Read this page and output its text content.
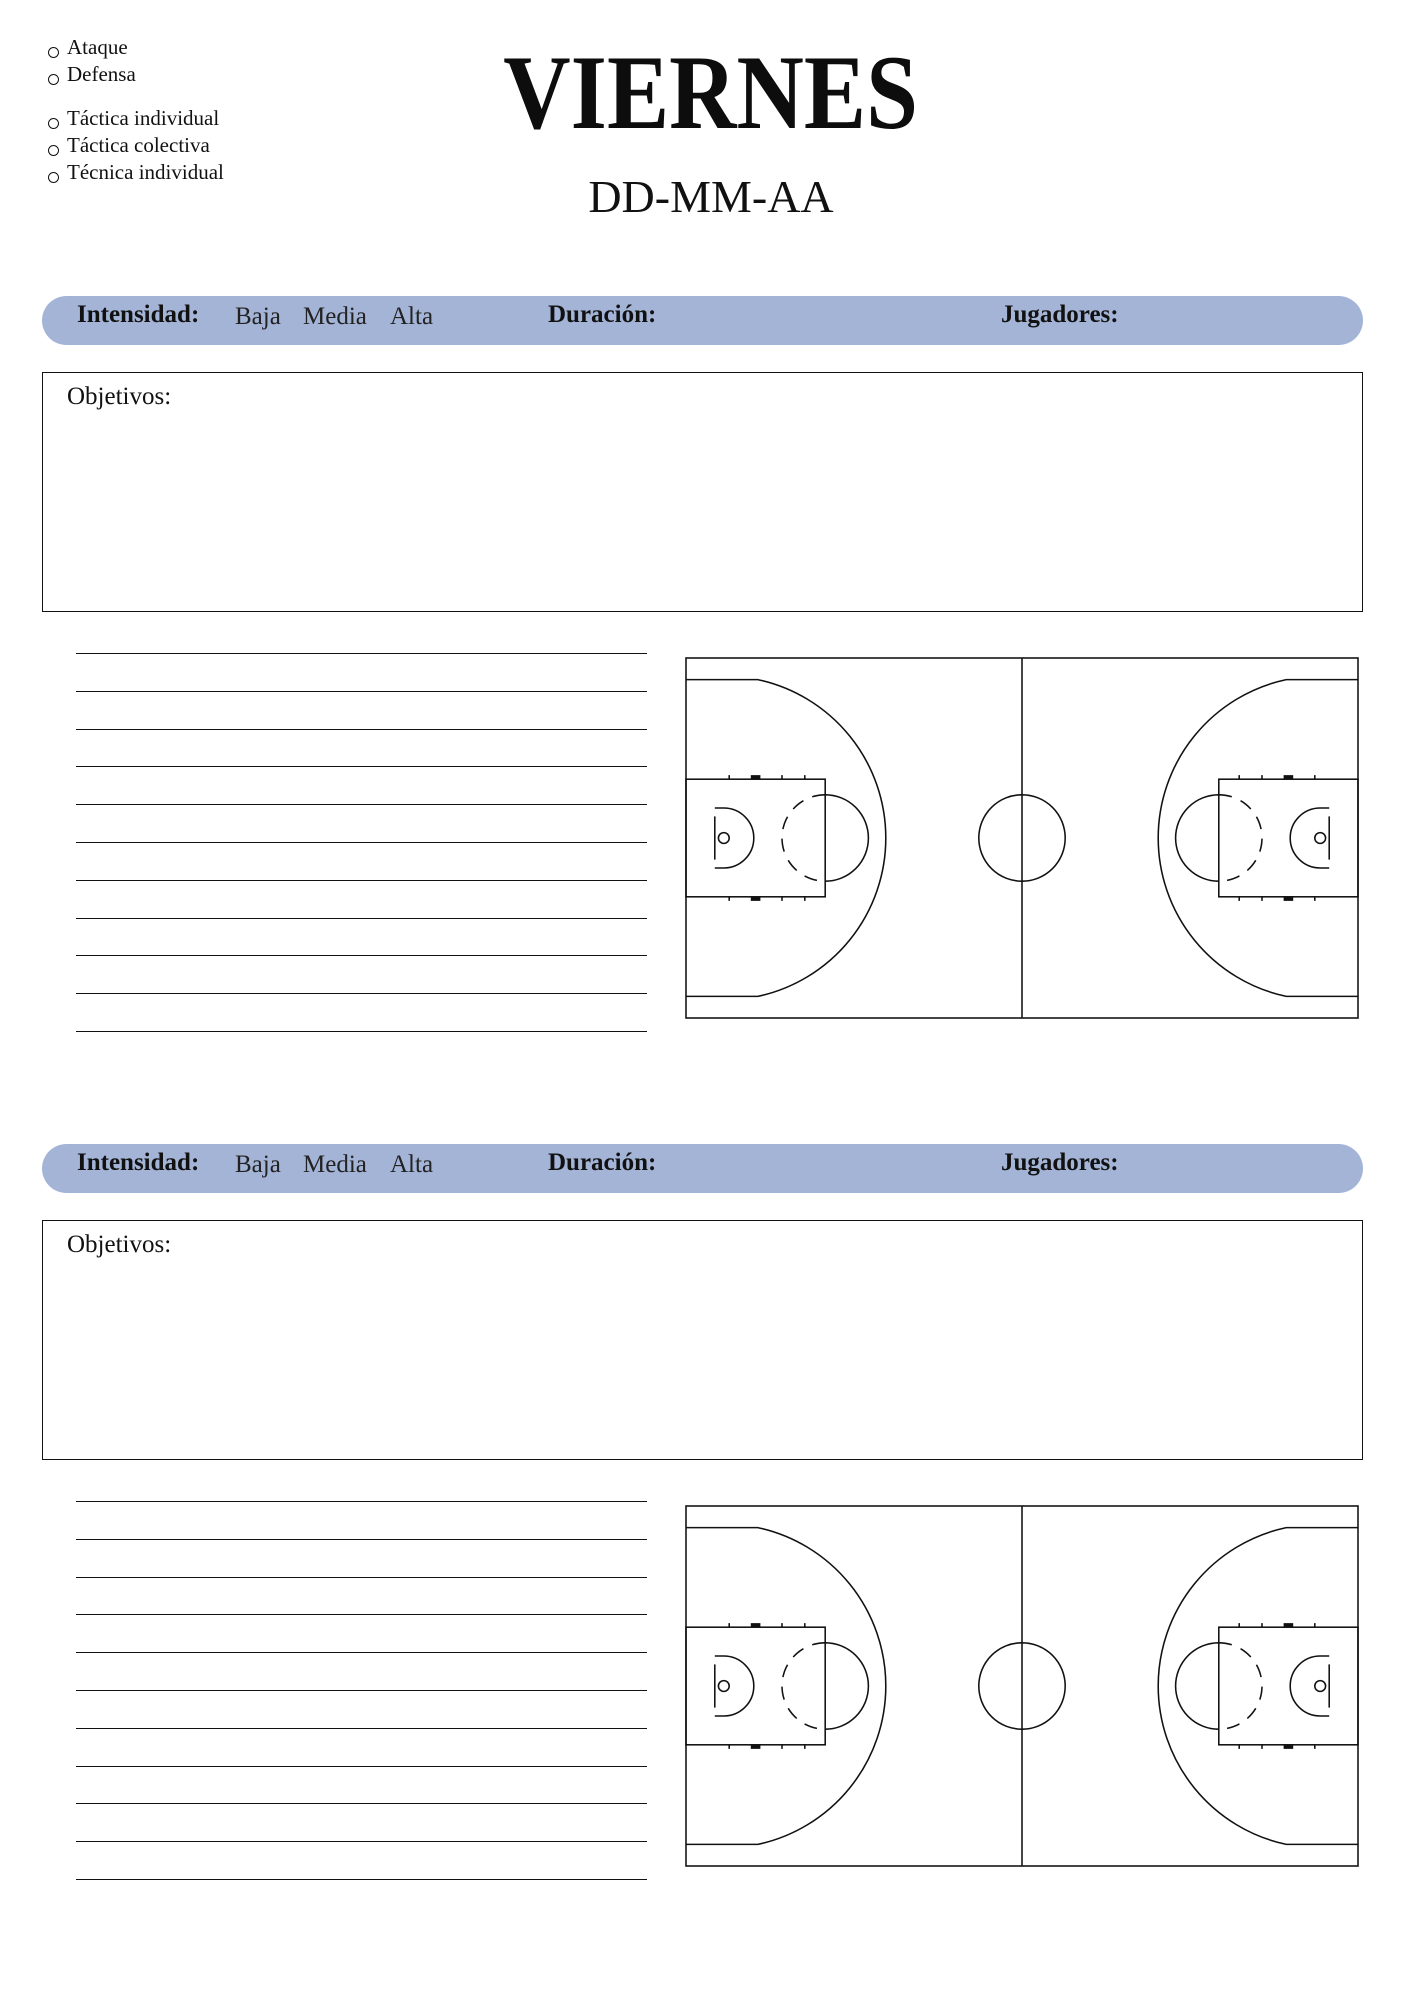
Ataque
Defensa
Táctica individual
Táctica colectiva
Técnica individual
VIERNES
DD-MM-AA
Intensidad: Baja Media Alta	Duración:	Jugadores:
Objetivos:
Intensidad: Baja Media Alta	Duración:	Jugadores:
Objetivos:
